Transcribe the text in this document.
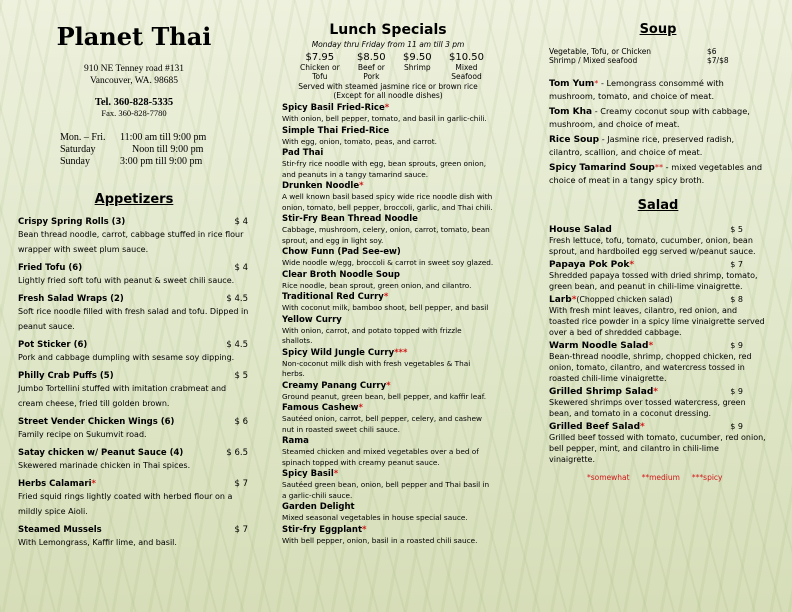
Planet Thai
910 NE Tenney road #131
Vancouver, WA. 98685
Tel. 360-828-5335
Fax. 360-828-7780
Mon. – Fri.	11:00 am till 9:00 pm
Saturday	Noon till 9:00 pm
Sunday	3:00 pm till 9:00 pm
Appetizers
Crispy Spring Rolls (3)	$ 4
Bean thread noodle, carrot, cabbage stuffed in rice flour wrapper with sweet plum sauce.
Fried Tofu (6)	$ 4
Lightly fried soft tofu with peanut & sweet chili sauce.
Fresh Salad Wraps (2)	$ 4.5
Soft rice noodle filled with fresh salad and tofu. Dipped in peanut sauce.
Pot Sticker (6)	$ 4.5
Pork and cabbage dumpling with sesame soy dipping.
Philly Crab Puffs (5)	$ 5
Jumbo Tortellini stuffed with imitation crabmeat and cream cheese, fried till golden brown.
Street Vender Chicken Wings (6)	$ 6
Family recipe on Sukumvit road.
Satay chicken w/ Peanut Sauce (4)	$ 6.5
Skewered marinade chicken in Thai spices.
Herbs Calamari*	$ 7
Fried squid rings lightly coated with herbed flour on a mildly spice Aioli.
Steamed Mussels	$ 7
With Lemongrass, Kaffir lime, and basil.
Lunch Specials
Monday thru Friday from 11 am till 3 pm
$7.95
Chicken or
Tofu
$8.50
Beef or
Pork
$9.50
Shrimp
$10.50
Mixed
Seafood
Served with steamed jasmine rice or brown rice
(Except for all noodle dishes)
Spicy Basil Fried-Rice*
With onion, bell pepper, tomato, and basil in garlic-chili.
Simple Thai Fried-Rice
With egg, onion, tomato, peas, and carrot.
Pad Thai
Stir-fry rice noodle with egg, bean sprouts, green onion, and peanuts in a tangy tamarind sauce.
Drunken Noodle*
A well known basil based spicy wide rice noodle dish with onion, tomato, bell pepper, broccoli, garlic, and Thai chili.
Stir-Fry Bean Thread Noodle
Cabbage, mushroom, celery, onion, carrot, tomato, bean sprout, and egg in light soy.
Chow Funn (Pad See-ew)
Wide noodle w/egg, broccoli & carrot in sweet soy glazed.
Clear Broth Noodle Soup
Rice noodle, bean sprout, green onion, and cilantro.
Traditional Red Curry*
With coconut milk, bamboo shoot, bell pepper, and basil
Yellow Curry
With onion, carrot, and potato topped with frizzle shallots.
Spicy Wild Jungle Curry***
Non-coconut milk dish with fresh vegetables & Thai herbs.
Creamy Panang Curry*
Ground peanut, green bean, bell pepper, and kaffir leaf.
Famous Cashew*
Sautéed onion, carrot, bell pepper, celery, and cashew nut in roasted sweet chili sauce.
Rama
Steamed chicken and mixed vegetables over a bed of spinach topped with creamy peanut sauce.
Spicy Basil*
Sautéed green bean, onion, bell pepper and Thai basil in a garlic-chili sauce.
Garden Delight
Mixed seasonal vegetables in house special sauce.
Stir-fry Eggplant*
With bell pepper, onion, basil in a roasted chili sauce.
Soup
Vegetable, Tofu, or Chicken	$6
Shrimp / Mixed seafood	$7/$8
Tom Yum* - Lemongrass consommé with mushroom, tomato, and choice of meat.
Tom Kha - Creamy coconut soup with cabbage, mushroom, and choice of meat.
Rice Soup - Jasmine rice, preserved radish, cilantro, scallion, and choice of meat.
Spicy Tamarind Soup** - mixed vegetables and choice of meat in a tangy spicy broth.
Salad
House Salad	$ 5
Fresh lettuce, tofu, tomato, cucumber, onion, bean sprout, and hardboiled egg served w/peanut sauce.
Papaya Pok Pok*	$ 7
Shredded papaya tossed with dried shrimp, tomato, green bean, and peanut in chili-lime vinaigrette.
Larb*(Chopped chicken salad)	$ 8
With fresh mint leaves, cilantro, red onion, and toasted rice powder in a spicy lime vinaigrette served over a bed of shredded cabbage.
Warm Noodle Salad*	$ 9
Bean-thread noodle, shrimp, chopped chicken, red onion, tomato, cilantro, and watercress tossed in roasted chili-lime vinaigrette.
Grilled Shrimp Salad*	$ 9
Skewered shrimps over tossed watercress, green bean, and tomato in a coconut dressing.
Grilled Beef Salad*	$ 9
Grilled beef tossed with tomato, cucumber, red onion, bell pepper, mint, and cilantro in chili-lime vinaigrette.
*somewhat **medium ***spicy
